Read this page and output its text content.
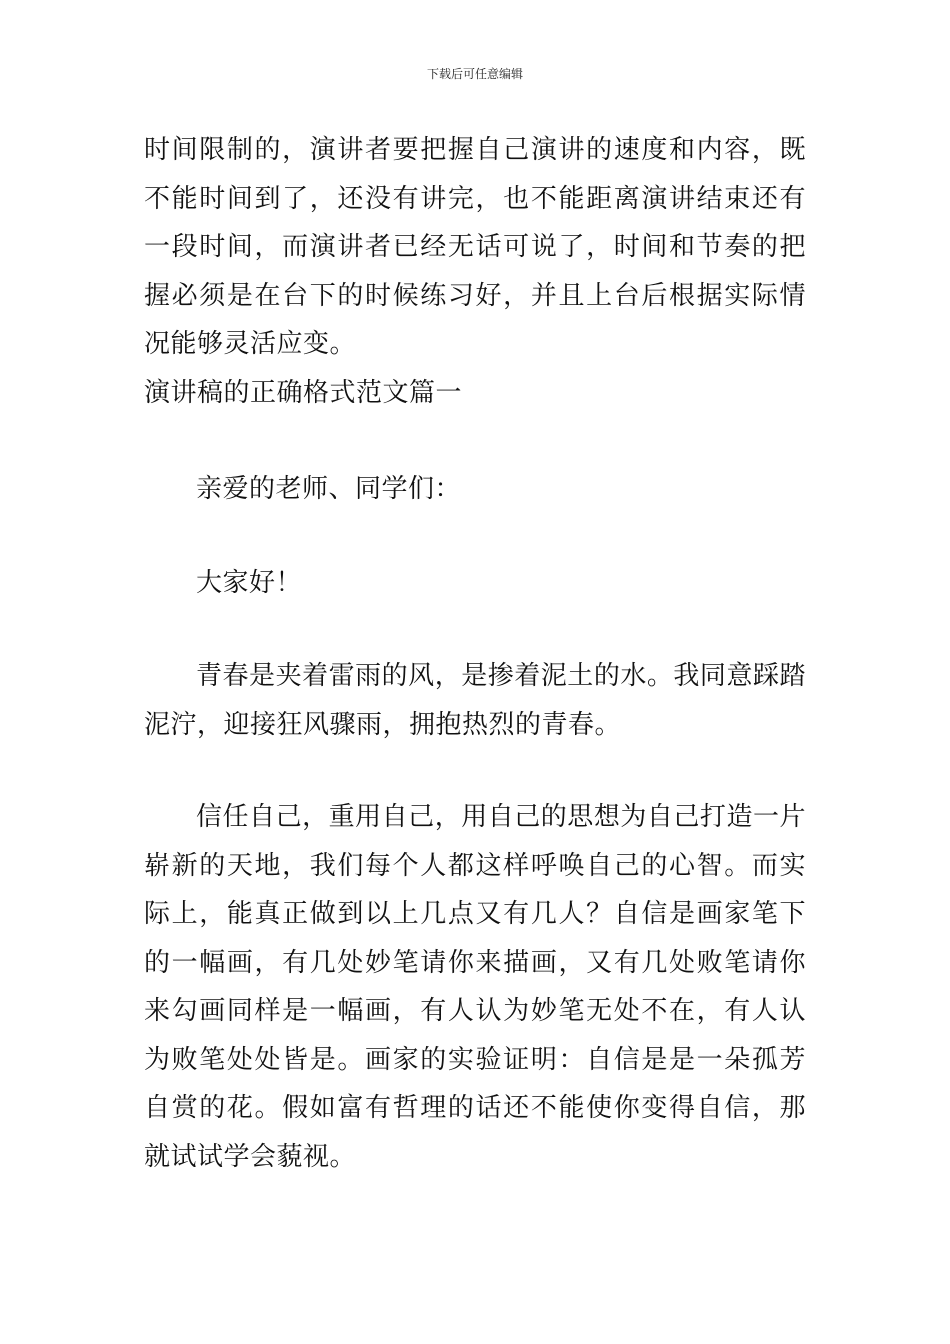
下载后可任意编辑

时间限制的，演讲者要把握自己演讲的速度和内容，既不能时间到了，还没有讲完，也不能距离演讲结束还有一段时间，而演讲者已经无话可说了，时间和节奏的把握必须是在台下的时候练习好，并且上台后根据实际情况能够灵活应变。

演讲稿的正确格式范文篇一

亲爱的老师、同学们：

大家好！

青春是夹着雷雨的风，是掺着泥土的水。我同意踩踏泥泞，迎接狂风骤雨，拥抱热烈的青春。

信任自己，重用自己，用自己的思想为自己打造一片崭新的天地，我们每个人都这样呼唤自己的心智。而实际上，能真正做到以上几点又有几人？自信是画家笔下的一幅画，有几处妙笔请你来描画，又有几处败笔请你来勾画同样是一幅画，有人认为妙笔无处不在，有人认为败笔处处皆是。画家的实验证明：自信是是一朵孤芳自赏的花。假如富有哲理的话还不能使你变得自信，那就试试学会藐视。
